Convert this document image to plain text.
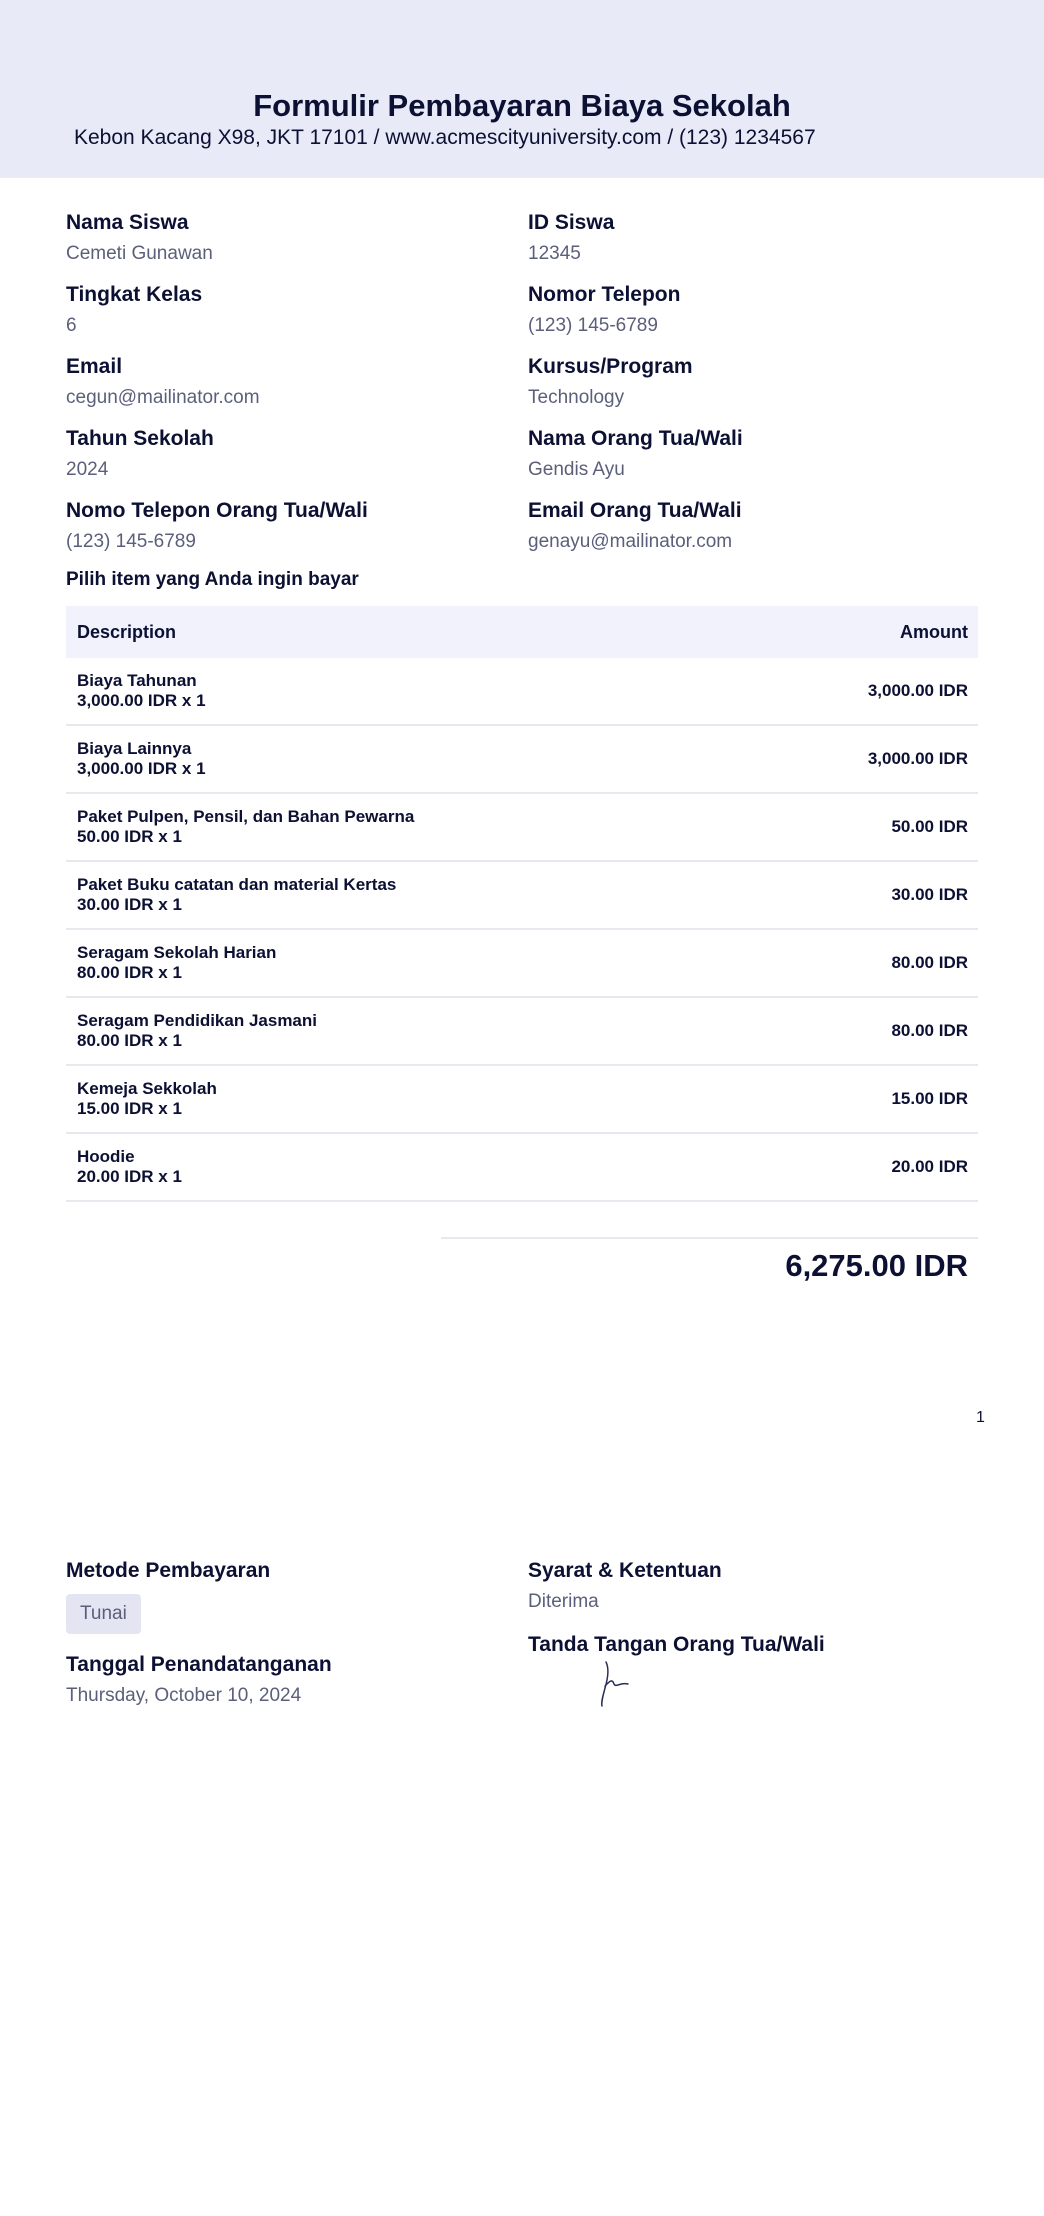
Formulir Pembayaran Biaya Sekolah
Kebon Kacang X98, JKT 17101 / www.acmescityuniversity.com / (123) 1234567
Nama Siswa
Cemeti Gunawan
Tingkat Kelas
6
Email
cegun@mailinator.com
Tahun Sekolah
2024
Nomo Telepon Orang Tua/Wali
(123) 145-6789
ID Siswa
12345
Nomor Telepon
(123) 145-6789
Kursus/Program
Technology
Nama Orang Tua/Wali
Gendis Ayu
Email Orang Tua/Wali
genayu@mailinator.com
Pilih item yang Anda ingin bayar
Description	Amount
Biaya Tahunan
3,000.00 IDR x 1
3,000.00 IDR
Biaya Lainnya
3,000.00 IDR x 1
3,000.00 IDR
Paket Pulpen, Pensil, dan Bahan Pewarna
50.00 IDR x 1
50.00 IDR
Paket Buku catatan dan material Kertas
30.00 IDR x 1
30.00 IDR
Seragam Sekolah Harian
80.00 IDR x 1
80.00 IDR
Seragam Pendidikan Jasmani
80.00 IDR x 1
80.00 IDR
Kemeja Sekkolah
15.00 IDR x 1
15.00 IDR
Hoodie
20.00 IDR x 1
20.00 IDR
6,275.00 IDR
1
Metode Pembayaran
Tunai
Tanggal Penandatanganan
Thursday, October 10, 2024
Syarat & Ketentuan
Diterima
Tanda Tangan Orang Tua/Wali
